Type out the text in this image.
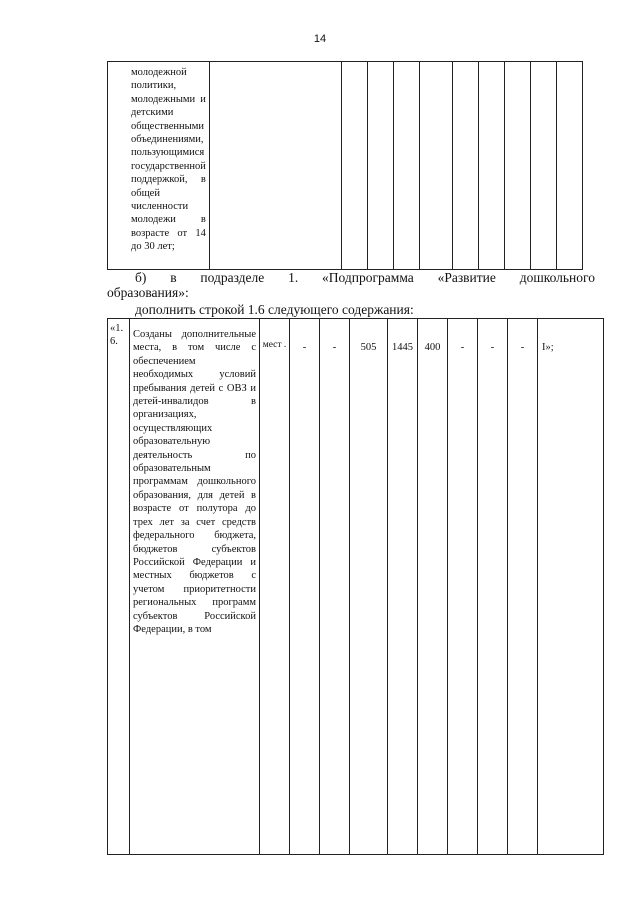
14
молодежной политики, молодежными и детскими общественными объединениями, пользующимися государственной поддержкой, в общей численности молодежи в возрасте от 14 до 30 лет;										

б) в подразделе 1. «Подпрограмма «Развитие дошкольного

образования»:

дополнить строкой 1.6 следующего содержания:

«1. 6.	Созданы дополнительные места, в том числе с обеспечением необходимых условий пребывания детей с ОВЗ и детей-инвалидов в организациях, осуществляющих образовательную деятельность по образовательным программам дошкольного образования, для детей в возрасте от полутора до трех лет за счет средств федерального бюджета, бюджетов субъектов Российской Федерации и местных бюджетов с учетом приоритетности региональных программ субъектов Российской Федерации, в том	мест .	-	-	505	1445	400	-	-	-	I»;
